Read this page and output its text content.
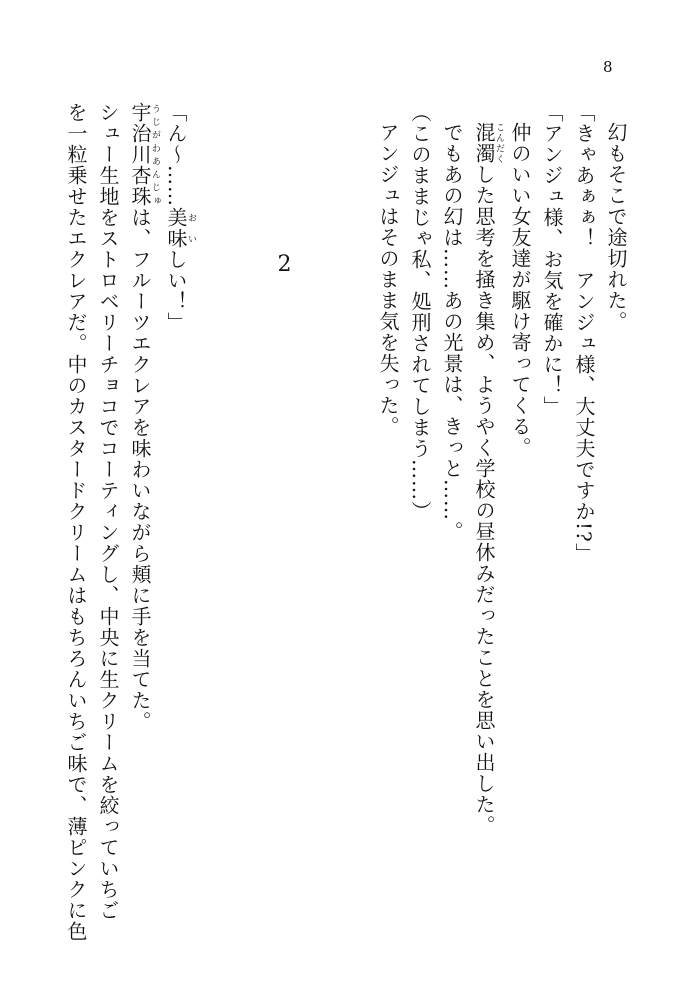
8
幻もそこで途切れた。
「きゃあぁぁ！　アンジュ様、大丈夫ですか!?」
「アンジュ様、お気を確かに！」
仲のいい女友達が駆け寄ってくる。
混濁こんだくした思考を掻き集め、ようやく学校の昼休みだったことを思い出した。
でもあの幻は……あの光景は、きっと……。
（このままじゃ私、処刑されてしまう……）
アンジュはそのまま気を失った。
2
「ん～……美味おいしい！」
宇治川杏珠うじがわあんじゅは、フルーツエクレアを味わいながら頬に手を当てた。
シュー生地をストロベリーチョコでコーティングし、中央に生クリームを絞っていちご
を一粒乗せたエクレアだ。中のカスタードクリームはもちろんいちご味で、薄ピンクに色
